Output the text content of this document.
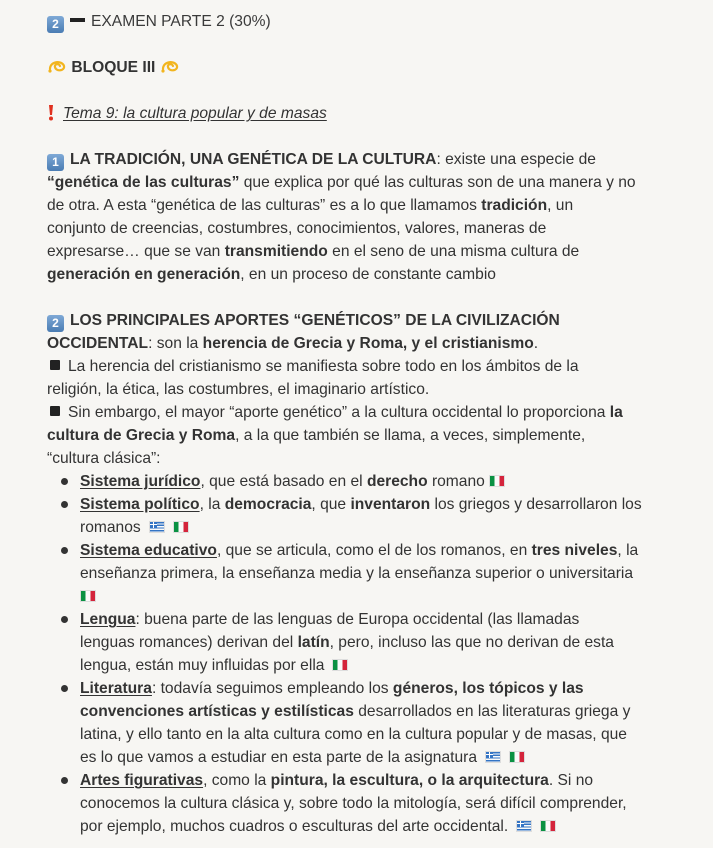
2 EXAMEN PARTE 2 (30%)
BLOQUE III
Tema 9: la cultura popular y de masas
1 LA TRADICIÓN, UNA GENÉTICA DE LA CULTURA: existe una especie de
“genética de las culturas” que explica por qué las culturas son de una manera y no
de otra. A esta “genética de las culturas” es a lo que llamamos tradición, un
conjunto de creencias, costumbres, conocimientos, valores, maneras de
expresarse… que se van transmitiendo en el seno de una misma cultura de
generación en generación, en un proceso de constante cambio
2 LOS PRINCIPALES APORTES “GENÉTICOS” DE LA CIVILIZACIÓN
OCCIDENTAL: son la herencia de Grecia y Roma, y el cristianismo.
La herencia del cristianismo se manifiesta sobre todo en los ámbitos de la
religión, la ética, las costumbres, el imaginario artístico.
Sin embargo, el mayor “aporte genético” a la cultura occidental lo proporciona la
cultura de Grecia y Roma, a la que también se llama, a veces, simplemente,
“cultura clásica”:
Sistema jurídico, que está basado en el derecho romano
Sistema político, la democracia, que inventaron los griegos y desarrollaron los
romanos
Sistema educativo, que se articula, como el de los romanos, en tres niveles, la
enseñanza primera, la enseñanza media y la enseñanza superior o universitaria
Lengua: buena parte de las lenguas de Europa occidental (las llamadas
lenguas romances) derivan del latín, pero, incluso las que no derivan de esta
lengua, están muy influidas por ella
Literatura: todavía seguimos empleando los géneros, los tópicos y las
convenciones artísticas y estilísticas desarrollados en las literaturas griega y
latina, y ello tanto en la alta cultura como en la cultura popular y de masas, que
es lo que vamos a estudiar en esta parte de la asignatura
Artes figurativas, como la pintura, la escultura, o la arquitectura. Si no
conocemos la cultura clásica y, sobre todo la mitología, será difícil comprender,
por ejemplo, muchos cuadros o esculturas del arte occidental.
